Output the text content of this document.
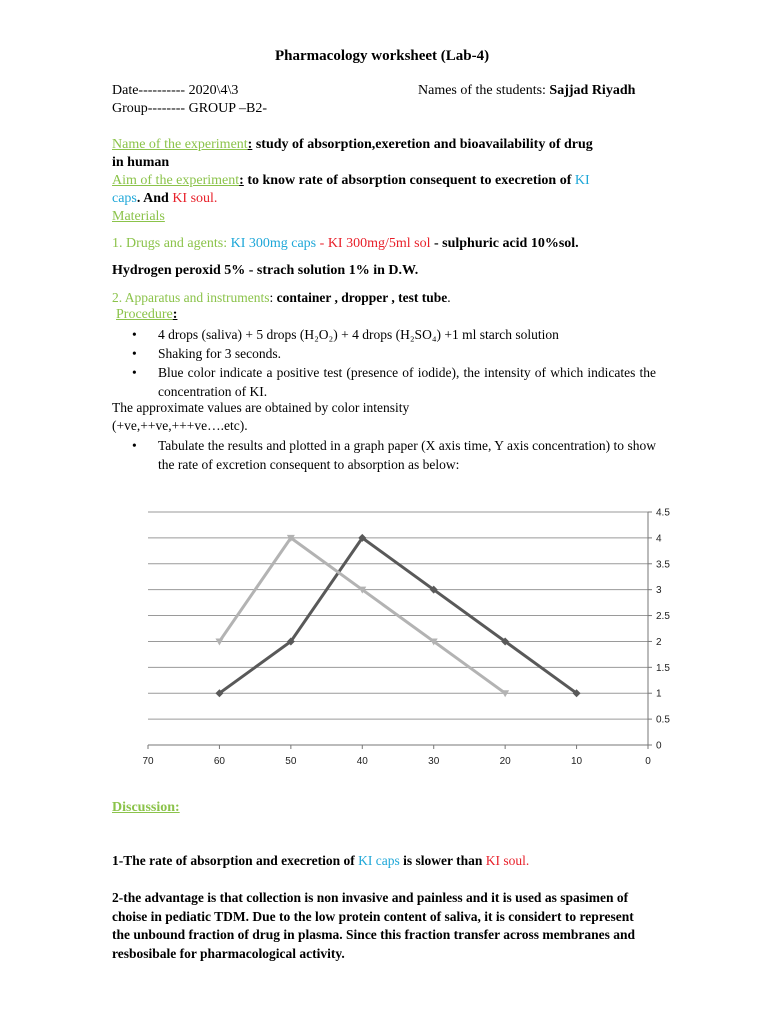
Pharmacology worksheet (Lab-4)
Date---------- 2020\4\3	Names of the students: Sajjad Riyadh
Group-------- GROUP –B2-
Name of the experiment: study of absorption,exeretion and bioavailability of drug
in human
Aim of the experiment: to know rate of absorption consequent to execretion of KI
caps. And KI soul.
Materials
1. Drugs and agents: KI 300mg caps - KI 300mg/5ml sol - sulphuric acid 10%sol.
Hydrogen peroxid 5% - strach solution 1% in D.W.
2. Apparatus and instruments: container , dropper , test tube.
Procedure:
• 4 drops (saliva) + 5 drops (H₂O₂) + 4 drops (H₂SO₄) +1 ml starch solution
• Shaking for 3 seconds.
• Blue color indicate a positive test (presence of iodide), the intensity of which indicates the concentration of KI.
The approximate values are obtained by color intensity
(+ve,++ve,+++ve….etc).
• Tabulate the results and plotted in a graph paper (X axis time, Y axis concentration) to show the rate of excretion consequent to absorption as below:
0
0.5
1
1.5
2
2.5
3
3.5
4
4.5
70	60	50	40	30	20	10	0
Discussion:
1-The rate of absorption and execretion of KI caps is slower than KI soul.
2-the advantage is that collection is non invasive and painless and it is used as spasimen of choise in pediatic TDM. Due to the low protein content of saliva, it is considert to represent the unbound fraction of drug in plasma. Since this fraction transfer across membranes and resbosibale for pharmacological activity.
